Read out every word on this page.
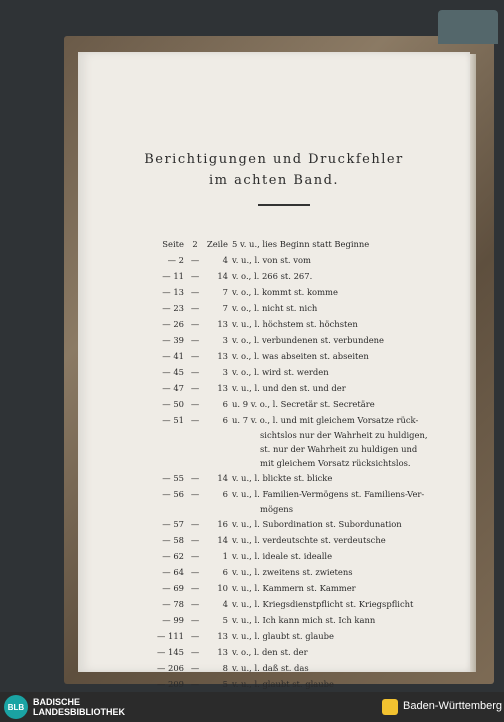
Berichtigungen und Druckfehler
im achten Band.
Seite 2	Zeile 5 v. u., lies Beginn statt Beginne
— 2 —	4 v. u., l. von st. vom
— 11 —	14 v. o., l. 266 st. 267.
— 13 —	7 v. o., l. kommt st. komme
— 23 —	7 v. o., l. nicht st. nich
— 26 —	13 v. u., l. höchstem st. höchsten
— 39 —	3 v. o., l. verbundenen st. verbundene
— 41 —	13 v. o., l. was abseiten st. abseiten
— 45 —	3 v. o., l. wird st. werden
— 47 —	13 v. u., l. und den st. und der
— 50 —	6 u. 9 v. o., l. Secretär st. Secretäre
— 51 —	6 u. 7 v. o., l. und mit gleichem Vorsatze rück-
sichtslos nur der Wahrheit zu huldigen,
st. nur der Wahrheit zu huldigen und
mit gleichem Vorsatz rücksichtslos.
— 55 —	14 v. u., l. blickte st. blicke
— 56 —	6 v. u., l. Familien-Vermögens st. Familiens-Ver-
mögens
— 57 —	16 v. u., l. Subordination st. Subordunation
— 58 —	14 v. u., l. verdeutschte st. verdeutsche
— 62 —	1 v. u., l. ideale st. idealle
— 64 —	6 v. u., l. zweitens st. zwietens
— 69 —	10 v. u., l. Kammern st. Kammer
— 78 —	4 v. u., l. Kriegsdienstpflicht st. Kriegspflicht
— 99 —	5 v. u., l. Ich kann mich st. Ich kann
— 111 —	13 v. u., l. glaubt st. glaube
— 145 —	13 v. o., l. den st. der
— 206 —	8 v. u., l. daß st. das
— 209 —	5 v. u., l. glaubt st. glaube
BLB BADISCHE
LANDESBIBLIOTHEK	Baden-Württemberg
